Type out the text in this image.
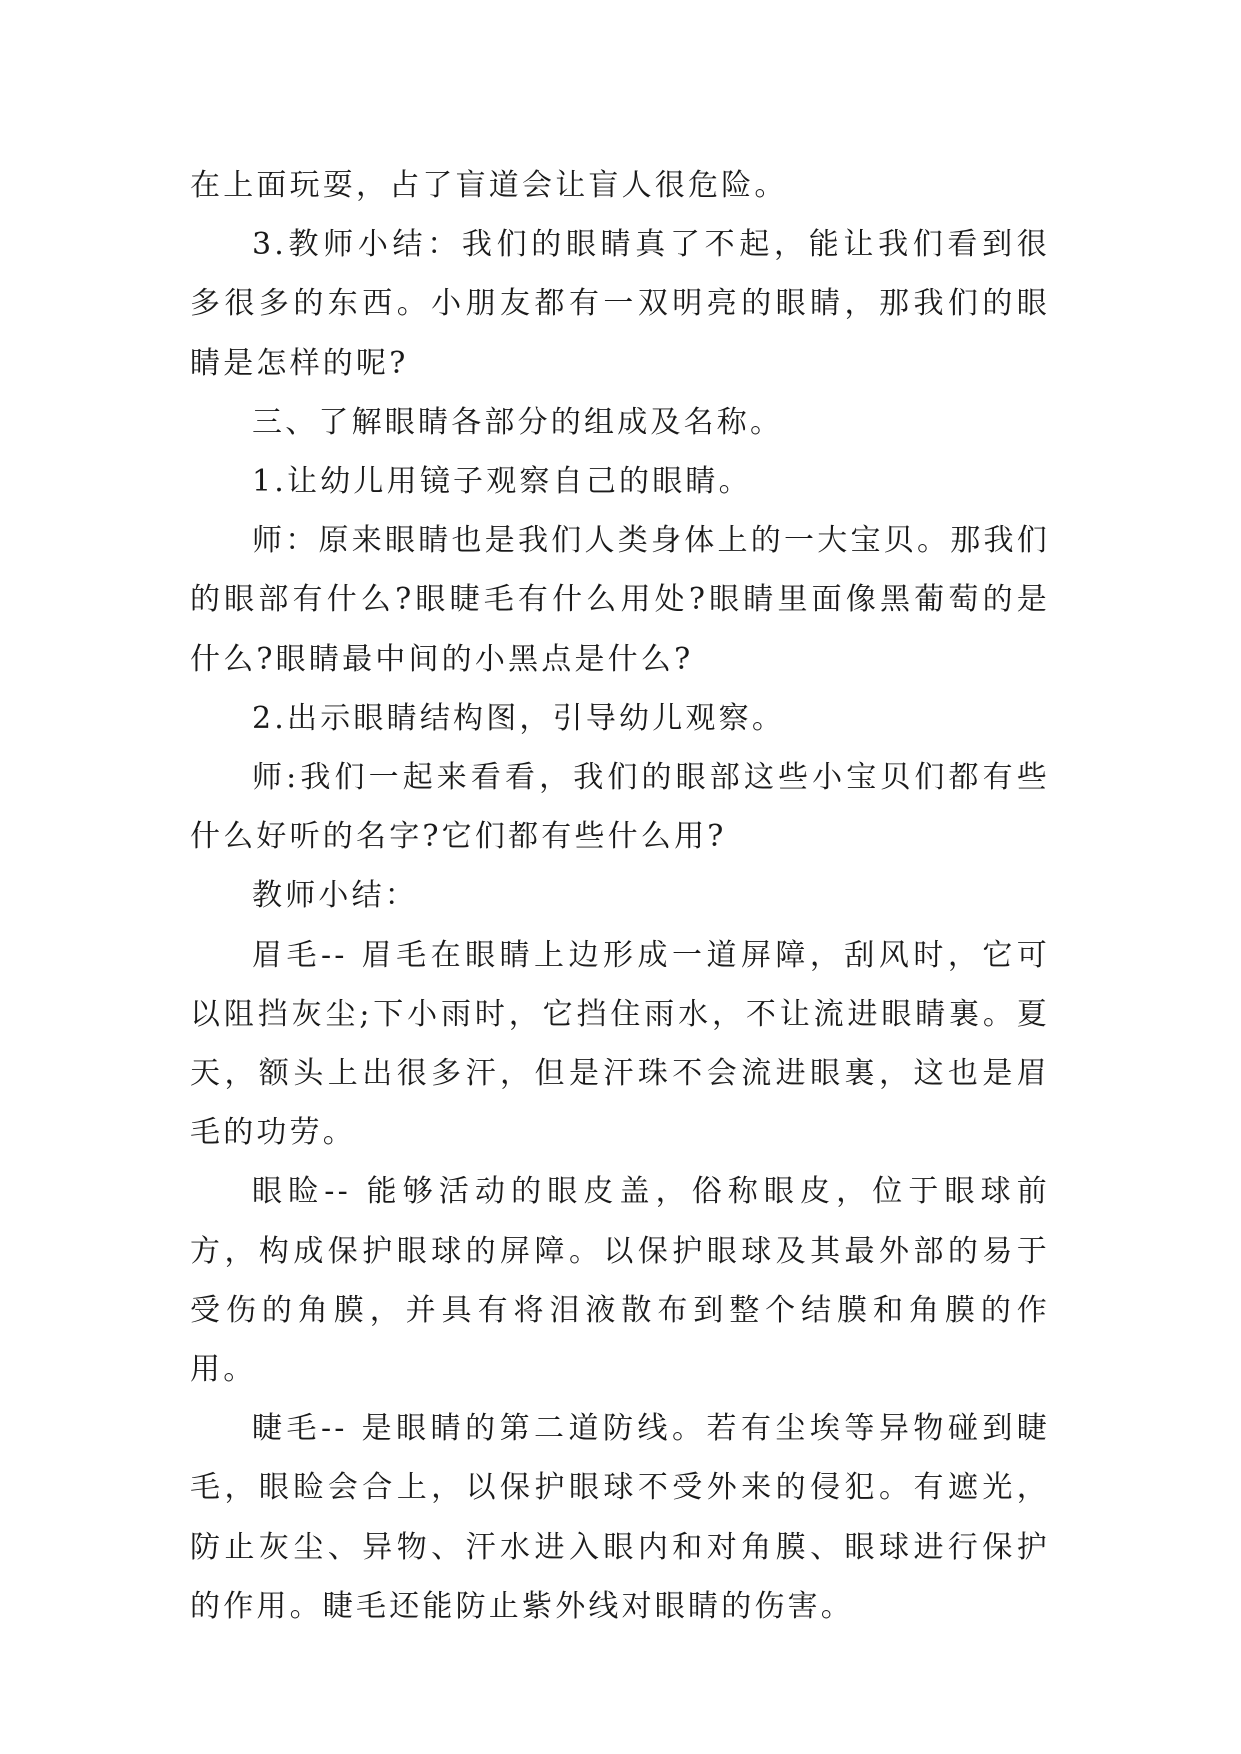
在上面玩耍，占了盲道会让盲人很危险。

3.教师小结：我们的眼睛真了不起，能让我们看到很多很多的东西。小朋友都有一双明亮的眼睛，那我们的眼睛是怎样的呢?

三、了解眼睛各部分的组成及名称。

1.让幼儿用镜子观察自己的眼睛。

师：原来眼睛也是我们人类身体上的一大宝贝。那我们的眼部有什么?眼睫毛有什么用处?眼睛里面像黑葡萄的是什么?眼睛最中间的小黑点是什么?

2.出示眼睛结构图，引导幼儿观察。

师:我们一起来看看，我们的眼部这些小宝贝们都有些什么好听的名字?它们都有些什么用?

教师小结：

眉毛-- 眉毛在眼睛上边形成一道屏障，刮风时，它可以阻挡灰尘;下小雨时，它挡住雨水，不让流进眼睛裏。夏天，额头上出很多汗，但是汗珠不会流进眼裏，这也是眉毛的功劳。

眼睑-- 能够活动的眼皮盖，俗称眼皮，位于眼球前方，构成保护眼球的屏障。以保护眼球及其最外部的易于受伤的角膜，并具有将泪液散布到整个结膜和角膜的作用。

睫毛-- 是眼睛的第二道防线。若有尘埃等异物碰到睫毛，眼睑会合上，以保护眼球不受外来的侵犯。有遮光，防止灰尘、异物、汗水进入眼内和对角膜、眼球进行保护的作用。睫毛还能防止紫外线对眼睛的伤害。
